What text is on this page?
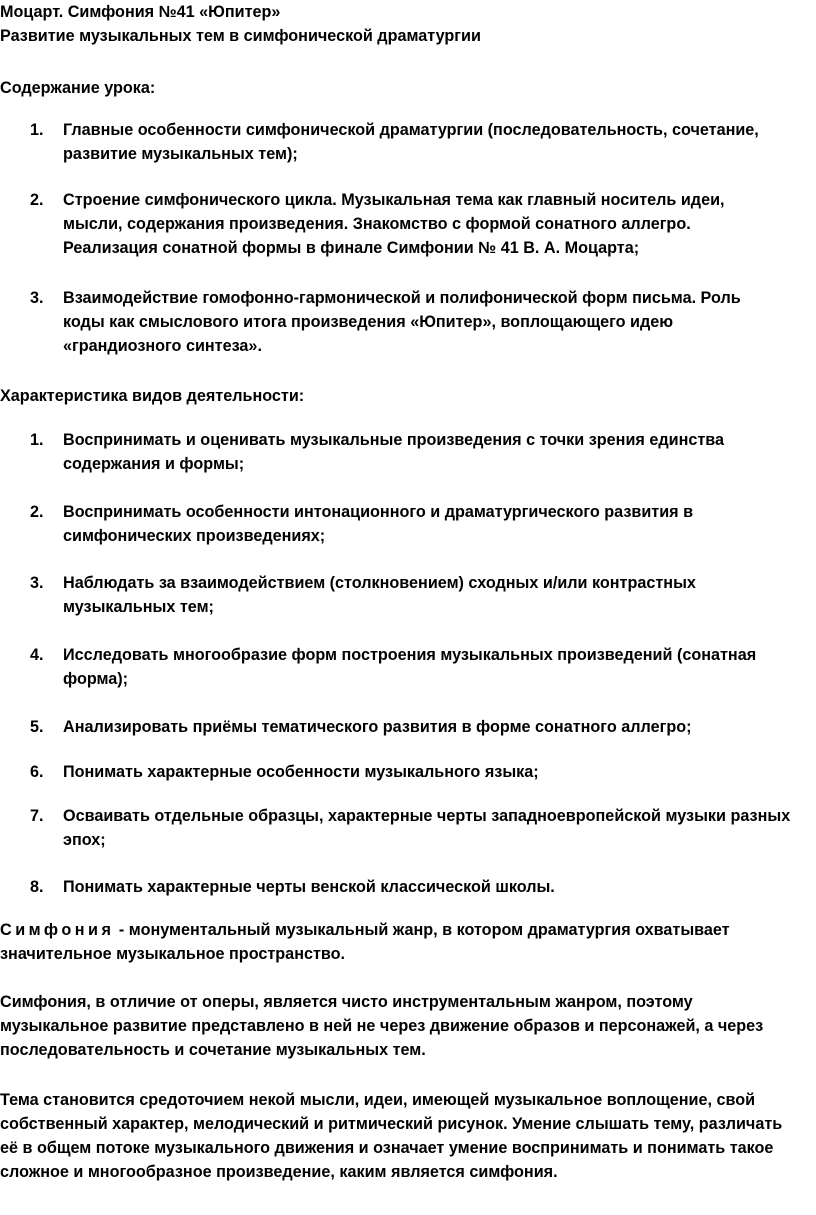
Моцарт. Симфония №41 «Юпитер»
Развитие музыкальных тем в симфонической драматургии
Содержание урока:
1.	Главные особенности симфонической драматургии (последовательность, сочетание,
развитие музыкальных тем);
2.	Строение симфонического цикла. Музыкальная тема как главный носитель идеи,
мысли, содержания произведения. Знакомство с формой сонатного аллегро.
Реализация сонатной формы в финале Симфонии № 41 В. А. Моцарта;
3.	Взаимодействие гомофонно-гармонической и полифонической форм письма. Роль
коды как смыслового итога произведения «Юпитер», воплощающего идею
«грандиозного синтеза».
Характеристика видов деятельности:
1.	Воспринимать и оценивать музыкальные произведения с точки зрения единства
содержания и формы;
2.	Воспринимать особенности интонационного и драматургического развития в
симфонических произведениях;
3.	Наблюдать за взаимодействием (столкновением) сходных и/или контрастных
музыкальных тем;
4.	Исследовать многообразие форм построения музыкальных произведений (сонатная
форма);
5.	Анализировать приёмы тематического развития в форме сонатного аллегро;
6.	Понимать характерные особенности музыкального языка;
7.	Осваивать отдельные образцы, характерные черты западноевропейской музыки разных
эпох;
8.	Понимать характерные черты венской классической школы.
Симфония - монументальный музыкальный жанр, в котором драматургия охватывает
значительное музыкальное пространство.
Симфония, в отличие от оперы, является чисто инструментальным жанром, поэтому
музыкальное развитие представлено в ней не через движение образов и персонажей, а через
последовательность и сочетание музыкальных тем.
Тема становится средоточием некой мысли, идеи, имеющей музыкальное воплощение, свой
собственный характер, мелодический и ритмический рисунок. Умение слышать тему, различать
её в общем потоке музыкального движения и означает умение воспринимать и понимать такое
сложное и многообразное произведение, каким является симфония.
